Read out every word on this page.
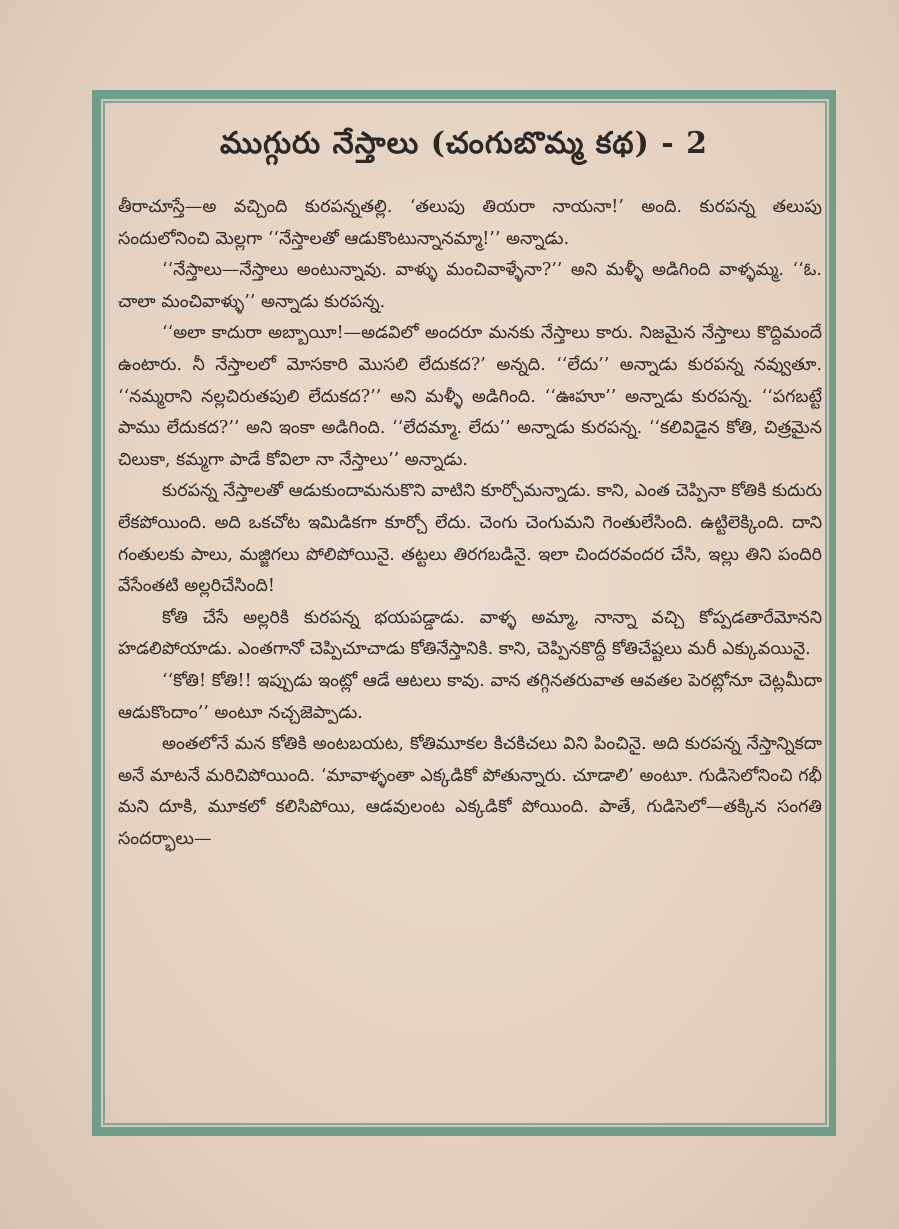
ముగ్గురు నేస్తాలు (చంగుబొమ్మ కథ) - 2

తీరాచూస్తే—అ వచ్చింది కురపన్నతల్లి. ‘తలుపు తియరా నాయనా!’ అంది. కురపన్న తలుపు సందులోనించి మెల్లగా ‘‘నేస్తాలతో ఆడుకొంటున్నానమ్మా!’’ అన్నాడు.

‘‘నేస్తాలు—నేస్తాలు అంటున్నావు. వాళ్ళు మంచివాళ్ళేనా?’’ అని మళ్ళీ అడిగింది వాళ్ళమ్మ. ‘‘ఓ. చాలా మంచివాళ్ళు’’ అన్నాడు కురపన్న.

‘‘అలా కాదురా అబ్బాయీ!—అడవిలో అందరూ మనకు నేస్తాలు కారు. నిజమైన నేస్తాలు కొద్దిమందే ఉంటారు. నీ నేస్తాలలో మోసకారి మొసలి లేదుకద?’ అన్నది. ‘‘లేదు’’ అన్నాడు కురపన్న నవ్వుతూ. ‘‘నమ్మరాని నల్లచిరుతపులి లేదుకద?’’ అని మళ్ళీ అడిగింది. ‘‘ఊహూ’’ అన్నాడు కురపన్న. ‘‘పగబట్టే పాము లేదుకద?’’ అని ఇంకా అడిగింది. ‘‘లేదమ్మా. లేదు’’ అన్నాడు కురపన్న. ‘‘కలివిడైన కోతి, చిత్రమైన చిలుకా, కమ్మగా పాడే కోవిలా నా నేస్తాలు’’ అన్నాడు.

కురపన్న నేస్తాలతో ఆడుకుందామనుకొని వాటిని కూర్చోమన్నాడు. కాని, ఎంత చెప్పినా కోతికి కుదురు లేకపోయింది. అది ఒకచోట ఇమిడికగా కూర్చో లేదు. చెంగు చెంగుమని గెంతులేసింది. ఉట్టిలెక్కింది. దాని గంతులకు పాలు, మజ్జిగలు పోలిపోయినై. తట్టలు తిరగబడినై. ఇలా చిందరవందర చేసి, ఇల్లు తిని పందిరి వేసేంతటి అల్లరిచేసింది!

కోతి చేసే అల్లరికి కురపన్న భయపడ్డాడు. వాళ్ళ అమ్మా, నాన్నా వచ్చి కోప్పడతారేమోనని హడలిపోయాడు. ఎంతగానో చెప్పిచూచాడు కోతినేస్తానికి. కాని, చెప్పినకొద్దీ కోతిచేష్టలు మరీ ఎక్కువయినై.

‘‘కోతి! కోతి!! ఇప్పుడు ఇంట్లో ఆడే ఆటలు కావు. వాన తగ్గినతరువాత ఆవతల పెరట్లోనూ చెట్లమీదా ఆడుకొందాం’’ అంటూ నచ్చజెప్పాడు.

అంతలోనే మన కోతికి అంటబయట, కోతిమూకల కిచకిచలు విని పించినై. అది కురపన్న నేస్తాన్నికదా అనే మాటనే మరిచిపోయింది. ‘మావాళ్ళంతా ఎక్కడికో పోతున్నారు. చూడాలి’ అంటూ. గుడిసెలోనించి గభీ మని దూకి, మూకలో కలిసిపోయి, ఆడవులంట ఎక్కడికో పోయింది. పాతే, గుడిసెలో—తక్కిన సంగతి సందర్భాలు—
